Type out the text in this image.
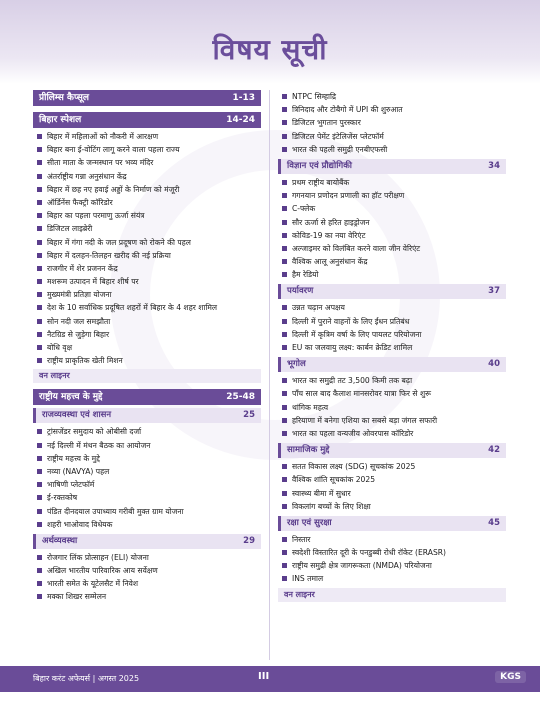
विषय सूची
प्रीलिम्स कैप्सूल	1-13
बिहार स्पेशल	14-24
बिहार में महिलाओं को नौकरी में आरक्षण
बिहार बना ई-वोटिंग लागू करने वाला पहला राज्य
सीता माता के जन्मस्थान पर भव्य मंदिर
अंतर्राष्ट्रीय गन्ना अनुसंधान केंद्र
बिहार में छह नए हवाई अड्डों के निर्माण को मंजूरी
ऑर्डिनेंस फैक्ट्री कॉरिडोर
बिहार का पहला परमाणु ऊर्जा संयंत्र
डिजिटल लाइब्रेरी
बिहार में गंगा नदी के जल प्रदूषण को रोकने की पहल
बिहार में दलहन-तिलहन खरीद की नई प्रक्रिया
राजगीर में शेर प्रजनन केंद्र
मशरूम उत्पादन में बिहार शीर्ष पर
मुख्यमंत्री प्रतिज्ञा योजना
देश के 10 सर्वाधिक प्रदूषित शहरों में बिहार के 4 शहर शामिल
सोन नदी जल समझौता
नैटग्रिड से जुड़ेगा बिहार
बोधि वृक्ष
राष्ट्रीय प्राकृतिक खेती मिशन
वन लाइनर
राष्ट्रीय महत्त्व के मुद्दे	25-48
राजव्यवस्था एवं शासन	25
ट्रांसजेंडर समुदाय को ओबीसी दर्जा
नई दिल्ली में मंथन बैठक का आयोजन
राष्ट्रीय महत्त्व के मुद्दे
नव्या (NAVYA) पहल
भाषिणी प्लेटफॉर्म
ई-रक्तकोष
पंडित दीनदयाल उपाध्याय गरीबी मुक्त ग्राम योजना
शहरी भाओवाद विधेयक
अर्थव्यवस्था	29
रोजगार लिंक प्रोत्साहन (ELI) योजना
अखिल भारतीय पारिवारिक आय सर्वेक्षण
भारती समेत के यूटेलसैट में निवेश
मक्का शिखर सम्मेलन
NTPC सिम्हाद्रि
त्रिनिदाद और टोबैगो में UPI की शुरुआत
डिजिटल भुगतान पुरस्कार
डिजिटल पेमेंट इंटेलिजेंस प्लेटफॉर्म
भारत की पहली समुद्री एनबीएफसी
विज्ञान एवं प्रौद्योगिकी	34
प्रथम राष्ट्रीय बायोबैंक
गगनयान प्रणोदन प्रणाली का हॉट परीक्षण
C-फ्लेक
सौर ऊर्जा से हरित हाइड्रोजन
कोविड-19 का नया वेरिएंट
अल्जाइमर को विलंबित करने वाला जीन वेरिएंट
वैश्विक आलू अनुसंधान केंद्र
हैम रेडियो
पर्यावरण	37
उन्नत चढ़ान अपक्षय
दिल्ली में पुराने वाहनों के लिए ईंधन प्रतिबंध
दिल्ली में कृत्रिम वर्षा के लिए पायलट परियोजना
EU का जलवायु लक्ष्य: कार्बन क्रेडिट शामिल
भूगोल	40
भारत का समुद्री तट 3,500 किमी तक बढ़ा
पाँच साल बाद कैलाश मानसरोवर यात्रा फिर से शुरू
थांगिक महत्व
हरियाणा में बनेगा एशिया का सबसे बड़ा जंगल सफारी
भारत का पहला वन्यजीव ओवरपास कॉरिडोर
सामाजिक मुद्दे	42
सतत विकास लक्ष्य (SDG) सूचकांक 2025
वैश्विक शांति सूचकांक 2025
स्वास्थ्य बीमा में सुधार
विकलांग बच्चों के लिए शिक्षा
रक्षा एवं सुरक्षा	45
निस्तार
स्वदेशी विस्तारित दूरी के पनडुब्बी रोधी रॉकेट (ERASR)
राष्ट्रीय समुद्री क्षेत्र जागरूकता (NMDA) परियोजना
INS तमाल
वन लाइनर
बिहार करंट अफेयर्स | अगस्त 2025	III	KGS
